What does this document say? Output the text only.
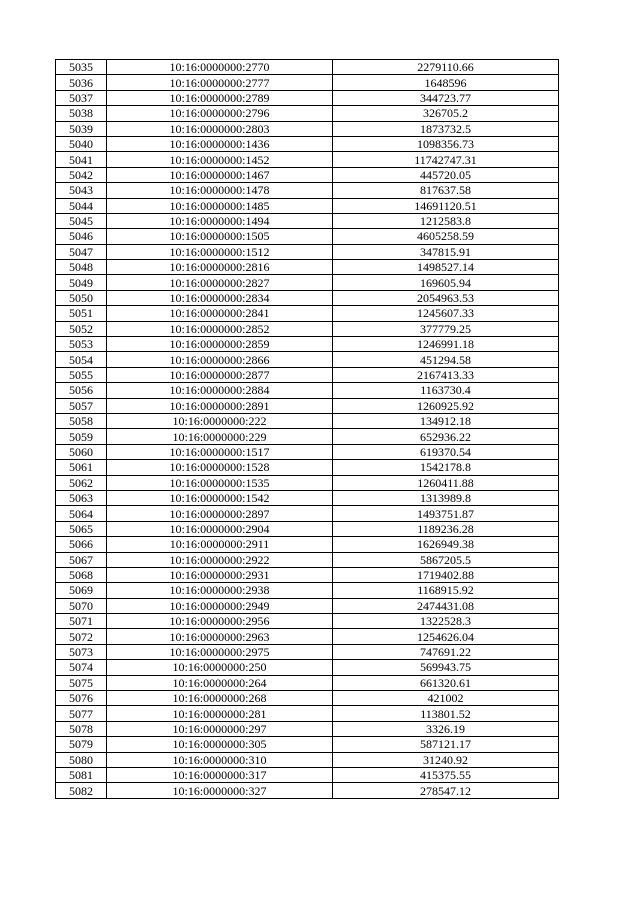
5035	10:16:0000000:2770	2279110.66
5036	10:16:0000000:2777	1648596
5037	10:16:0000000:2789	344723.77
5038	10:16:0000000:2796	326705.2
5039	10:16:0000000:2803	1873732.5
5040	10:16:0000000:1436	1098356.73
5041	10:16:0000000:1452	11742747.31
5042	10:16:0000000:1467	445720.05
5043	10:16:0000000:1478	817637.58
5044	10:16:0000000:1485	14691120.51
5045	10:16:0000000:1494	1212583.8
5046	10:16:0000000:1505	4605258.59
5047	10:16:0000000:1512	347815.91
5048	10:16:0000000:2816	1498527.14
5049	10:16:0000000:2827	169605.94
5050	10:16:0000000:2834	2054963.53
5051	10:16:0000000:2841	1245607.33
5052	10:16:0000000:2852	377779.25
5053	10:16:0000000:2859	1246991.18
5054	10:16:0000000:2866	451294.58
5055	10:16:0000000:2877	2167413.33
5056	10:16:0000000:2884	1163730.4
5057	10:16:0000000:2891	1260925.92
5058	10:16:0000000:222	134912.18
5059	10:16:0000000:229	652936.22
5060	10:16:0000000:1517	619370.54
5061	10:16:0000000:1528	1542178.8
5062	10:16:0000000:1535	1260411.88
5063	10:16:0000000:1542	1313989.8
5064	10:16:0000000:2897	1493751.87
5065	10:16:0000000:2904	1189236.28
5066	10:16:0000000:2911	1626949.38
5067	10:16:0000000:2922	5867205.5
5068	10:16:0000000:2931	1719402.88
5069	10:16:0000000:2938	1168915.92
5070	10:16:0000000:2949	2474431.08
5071	10:16:0000000:2956	1322528.3
5072	10:16:0000000:2963	1254626.04
5073	10:16:0000000:2975	747691.22
5074	10:16:0000000:250	569943.75
5075	10:16:0000000:264	661320.61
5076	10:16:0000000:268	421002
5077	10:16:0000000:281	113801.52
5078	10:16:0000000:297	3326.19
5079	10:16:0000000:305	587121.17
5080	10:16:0000000:310	31240.92
5081	10:16:0000000:317	415375.55
5082	10:16:0000000:327	278547.12
